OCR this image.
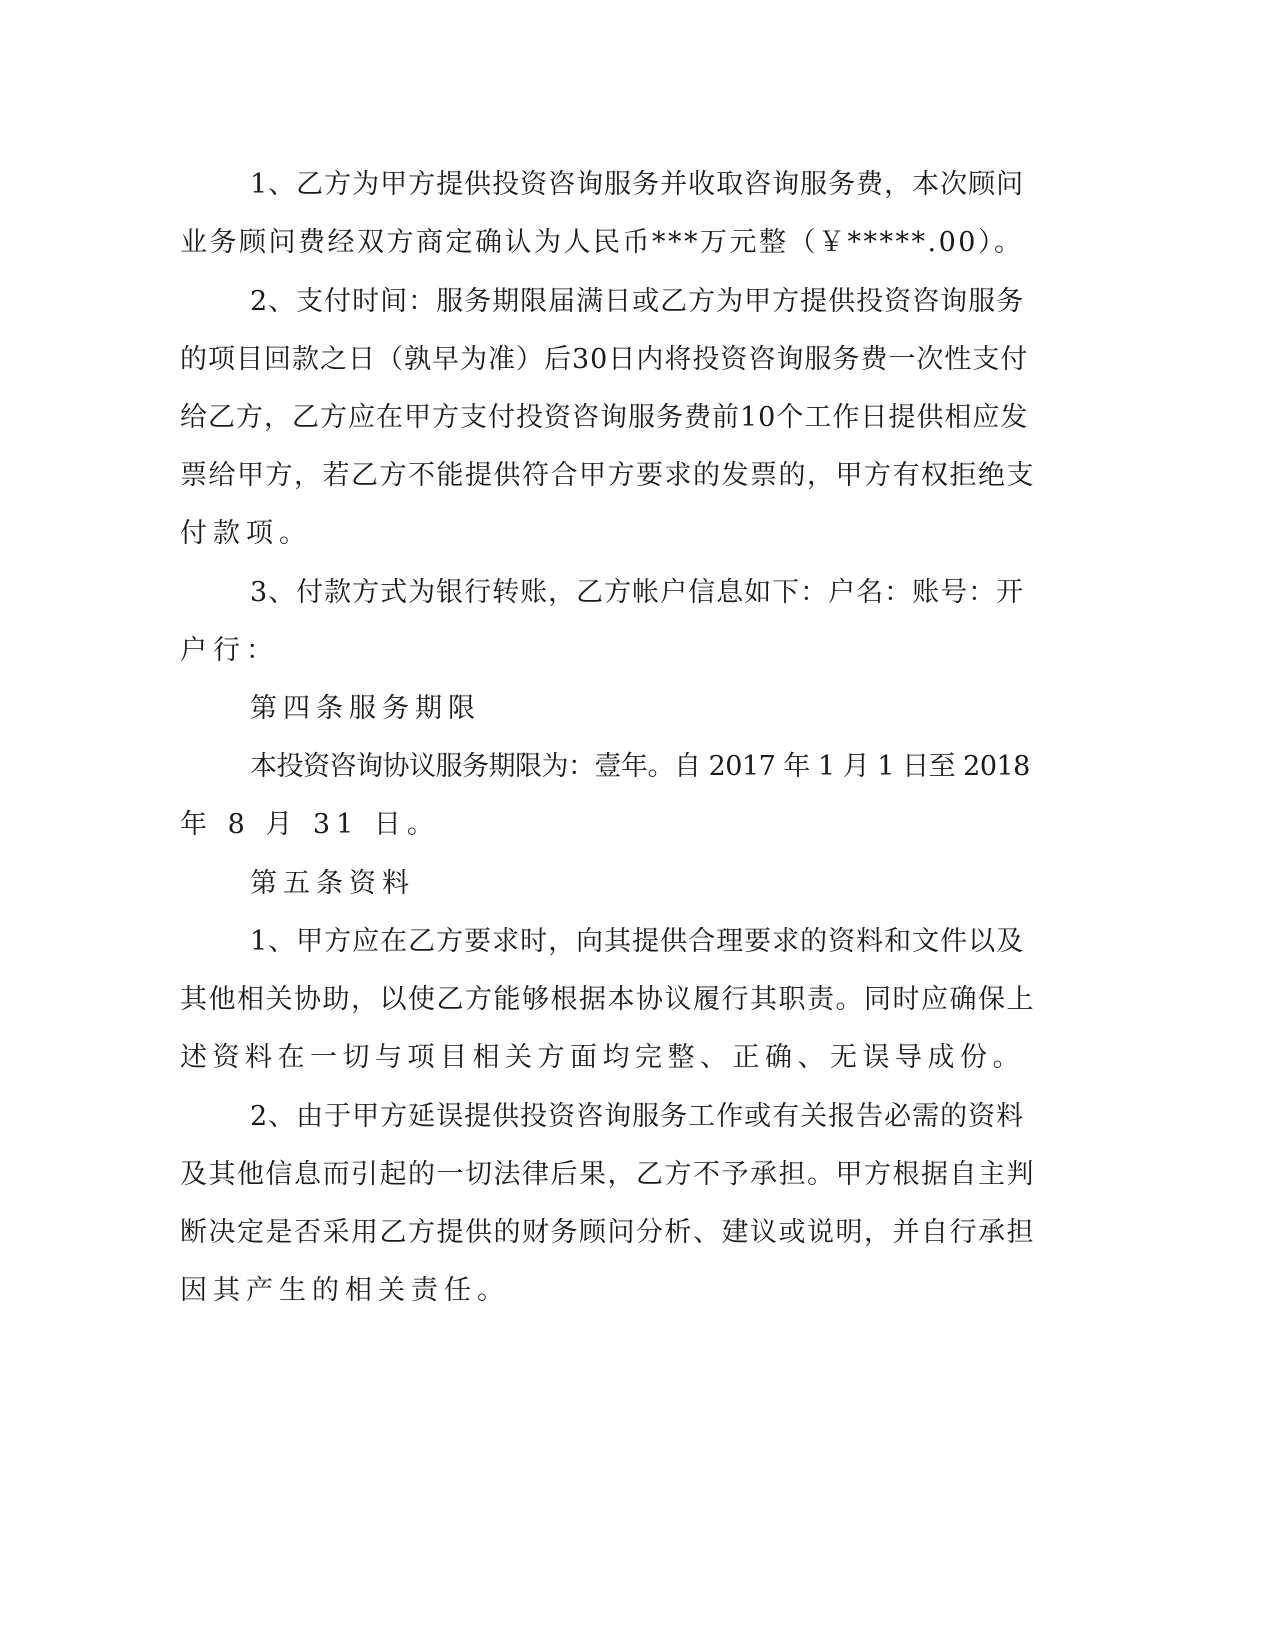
1、乙方为甲方提供投资咨询服务并收取咨询服务费，本次顾问
业务顾问费经双方商定确认为人民币***万元整（￥*****.00）。
2、支付时间：服务期限届满日或乙方为甲方提供投资咨询服务
的项目回款之日（孰早为准）后30日内将投资咨询服务费一次性支付
给乙方，乙方应在甲方支付投资咨询服务费前10个工作日提供相应发
票给甲方，若乙方不能提供符合甲方要求的发票的，甲方有权拒绝支
付款项。
3、付款方式为银行转账，乙方帐户信息如下：户名：账号：开
户行：
第四条服务期限
本投资咨询协议服务期限为：壹年。自 2017 年 1 月 1 日至 2018
年 8 月 31 日。
第五条资料
1、甲方应在乙方要求时，向其提供合理要求的资料和文件以及
其他相关协助，以使乙方能够根据本协议履行其职责。同时应确保上
述资料在一切与项目相关方面均完整、正确、无误导成份。
2、由于甲方延误提供投资咨询服务工作或有关报告必需的资料
及其他信息而引起的一切法律后果，乙方不予承担。甲方根据自主判
断决定是否采用乙方提供的财务顾问分析、建议或说明，并自行承担
因其产生的相关责任。
